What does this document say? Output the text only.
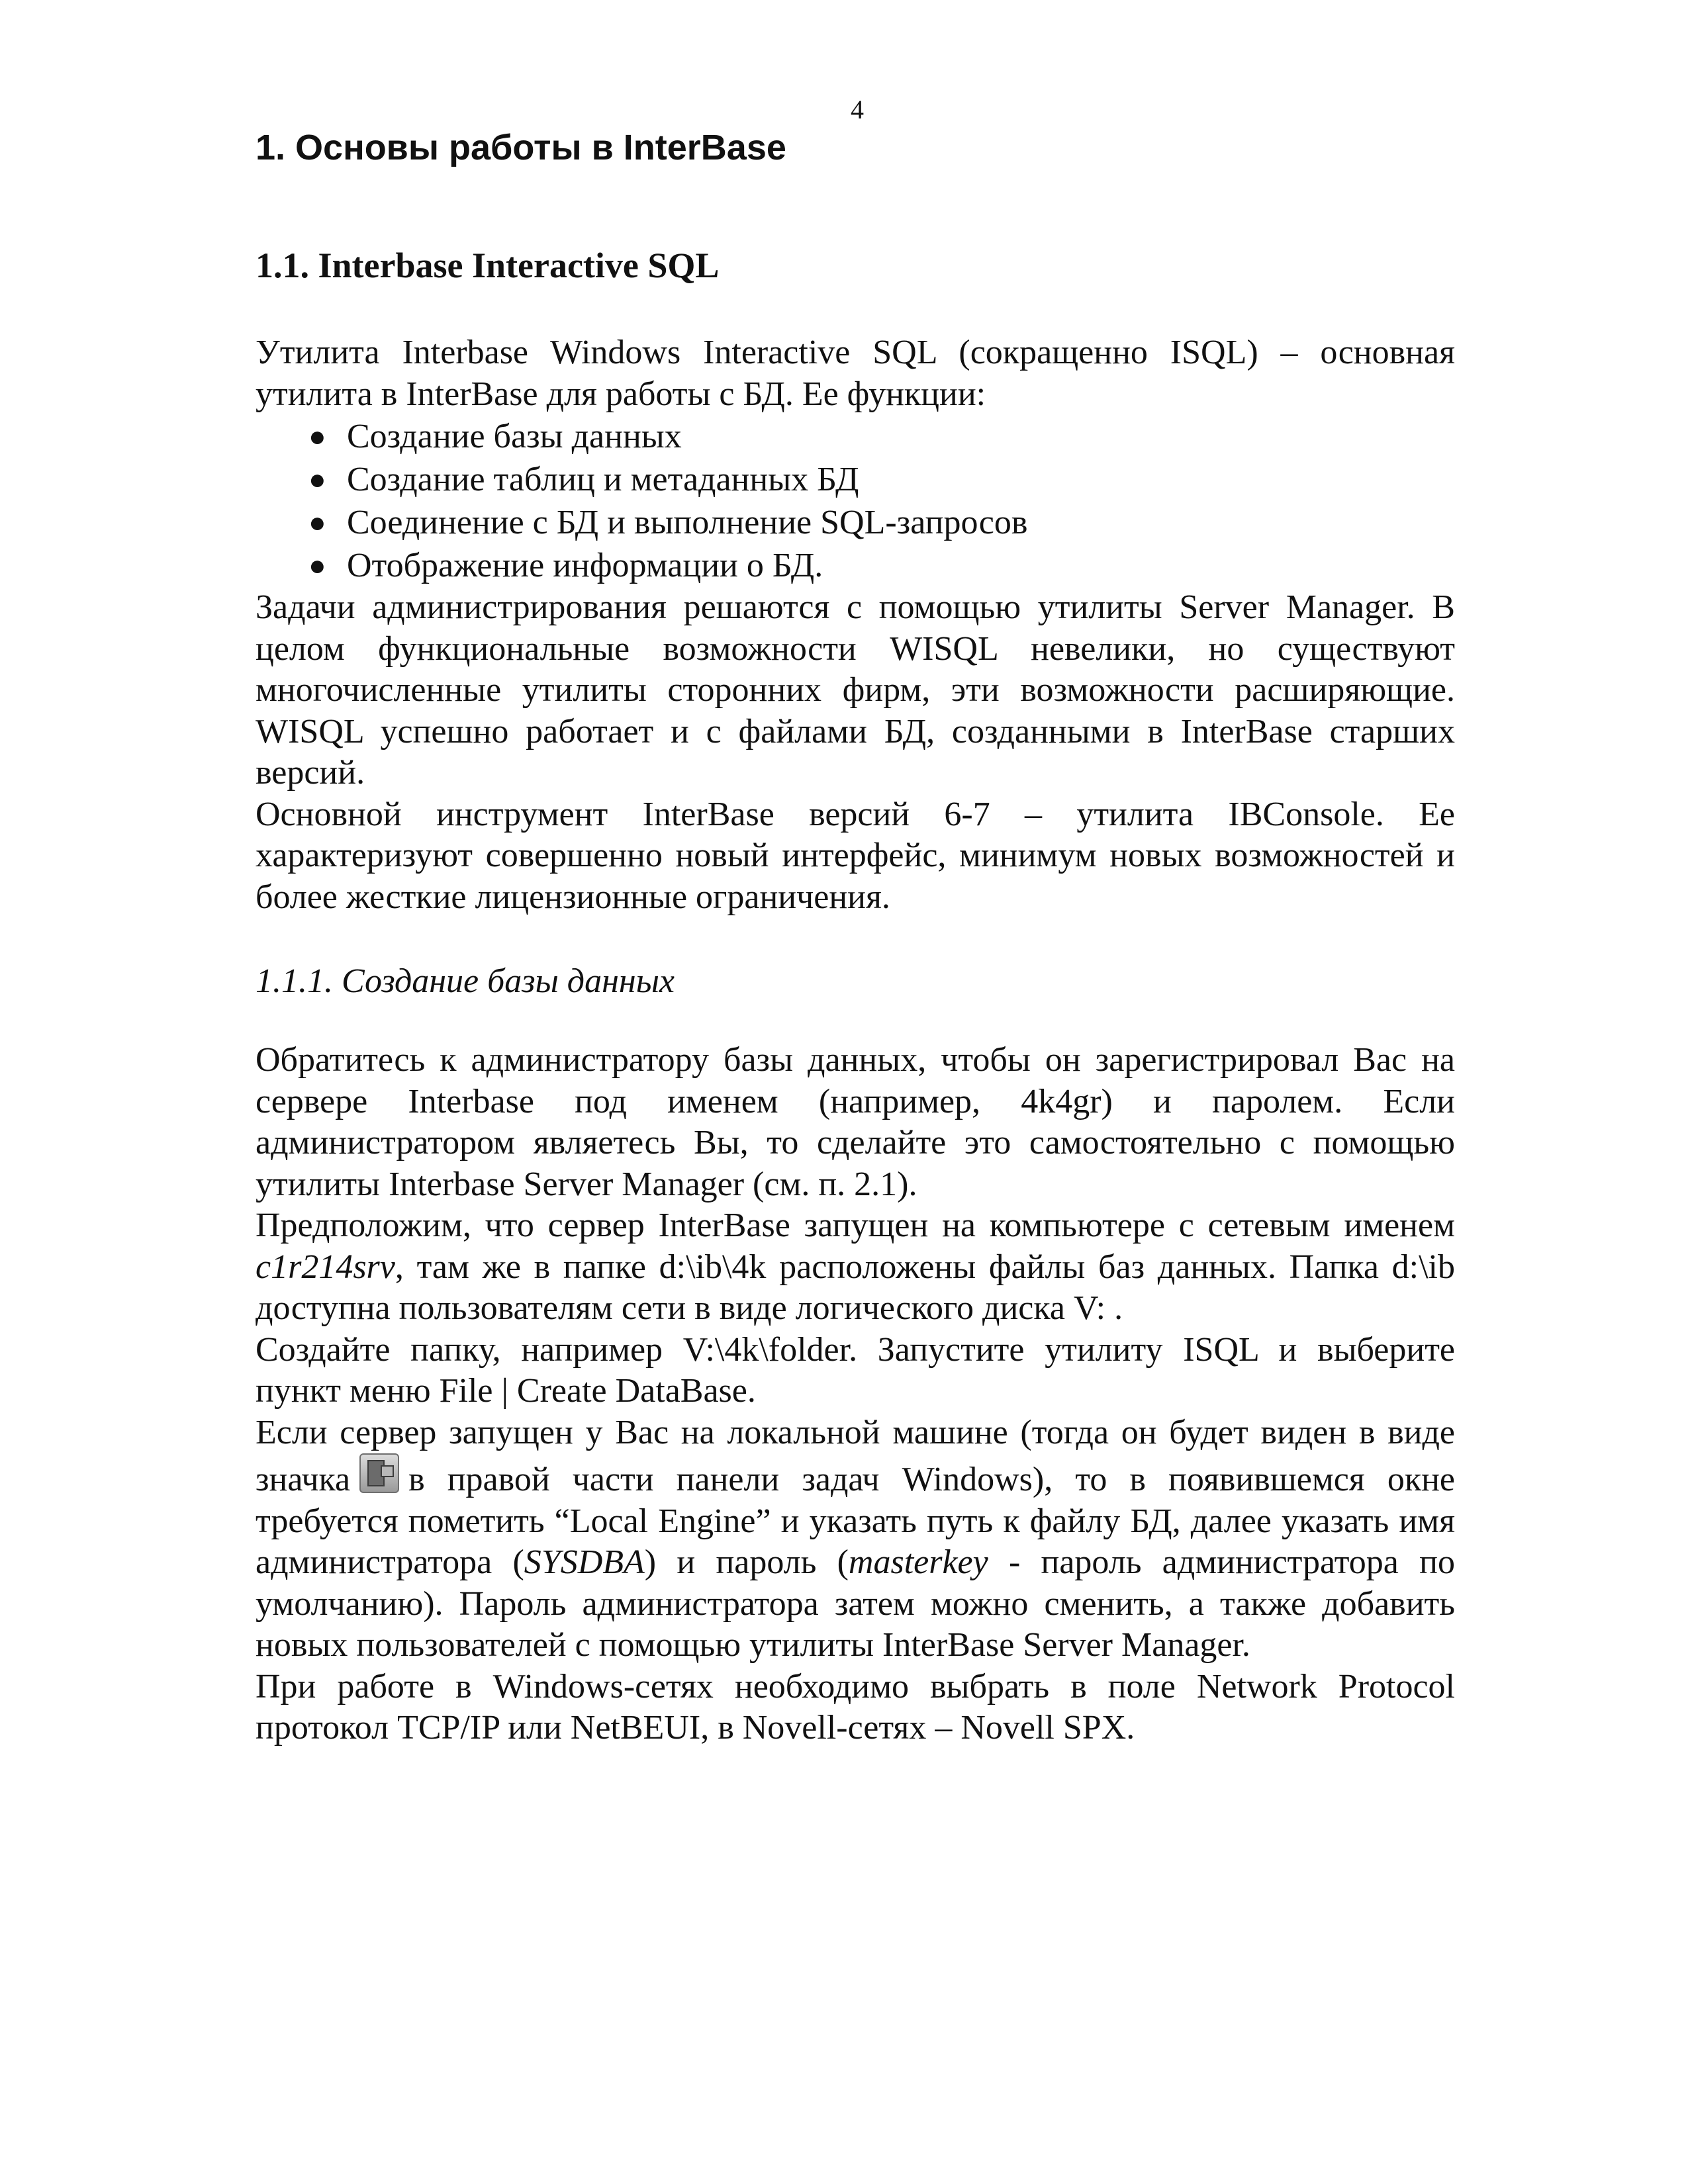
4
1. Основы работы в InterBase
1.1. Interbase Interactive SQL

Утилита Interbase Windows Interactive SQL (сокращенно ISQL) – основная утилита в InterBase для работы с БД. Ее функции:

● Создание базы данных
● Создание таблиц и метаданных БД
● Соединение с БД и выполнение SQL-запросов
● Отображение информации о БД.

Задачи администрирования решаются с помощью утилиты Server Manager. В целом функциональные возможности WISQL невелики, но существуют многочисленные утилиты сторонних фирм, эти возможности расширяющие. WISQL успешно работает и с файлами БД, созданными в InterBase старших версий.

Основной инструмент InterBase версий 6-7 – утилита IBConsole. Ее характеризуют совершенно новый интерфейс, минимум новых возможностей и более жесткие лицензионные ограничения.

1.1.1. Создание базы данных

Обратитесь к администратору базы данных, чтобы он зарегистрировал Вас на сервере Interbase под именем (например, 4k4gr) и паролем. Если администратором являетесь Вы, то сделайте это самостоятельно с помощью утилиты Interbase Server Manager (см. п. 2.1).

Предположим, что сервер InterBase запущен на компьютере с сетевым именем c1r214srv, там же в папке d:\ib\4k расположены файлы баз данных. Папка d:\ib доступна пользователям сети в виде логического диска V: .

Создайте папку, например V:\4k\folder. Запустите утилиту ISQL и выберите пункт меню File | Create DataBase.

Если сервер запущен у Вас на локальной машине (тогда он будет виден в виде значка в правой части панели задач Windows), то в появившемся окне требуется пометить “Local Engine” и указать путь к файлу БД, далее указать имя администратора (SYSDBA) и пароль (masterkey - пароль администратора по умолчанию). Пароль администратора затем можно сменить, а также добавить новых пользователей с помощью утилиты InterBase Server Manager.

При работе в Windows-сетях необходимо выбрать в поле Network Protocol протокол TCP/IP или NetBEUI, в Novell-сетях – Novell SPX.
